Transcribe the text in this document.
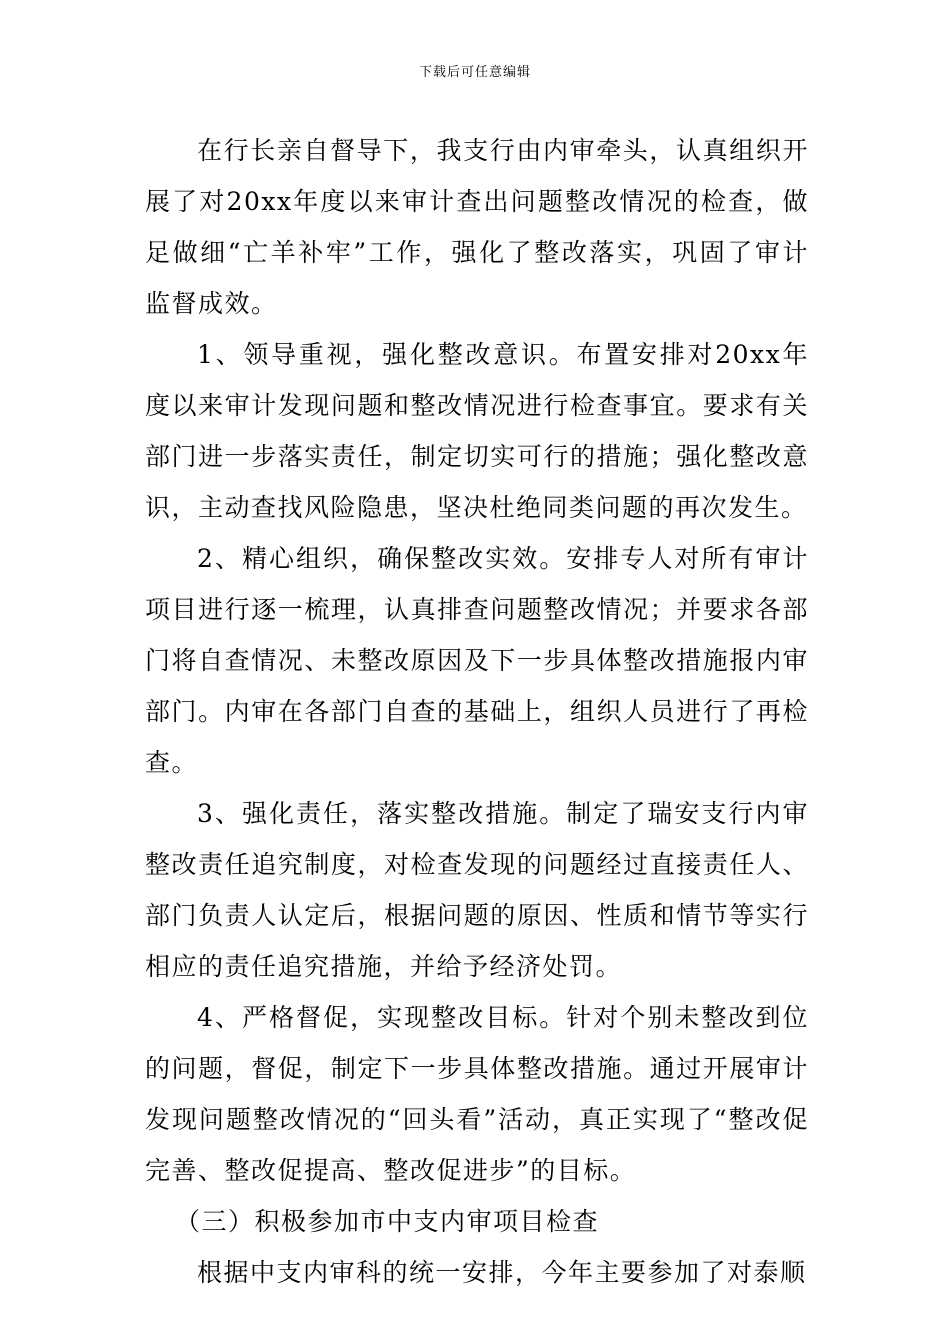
下载后可任意编辑

在行长亲自督导下，我支行由内审牵头，认真组织开展了对20xx年度以来审计查出问题整改情况的检查，做足做细“亡羊补牢”工作，强化了整改落实，巩固了审计监督成效。

1、领导重视，强化整改意识。布置安排对20xx年度以来审计发现问题和整改情况进行检查事宜。要求有关部门进一步落实责任，制定切实可行的措施；强化整改意识，主动查找风险隐患，坚决杜绝同类问题的再次发生。

2、精心组织，确保整改实效。安排专人对所有审计项目进行逐一梳理，认真排查问题整改情况；并要求各部门将自查情况、未整改原因及下一步具体整改措施报内审部门。内审在各部门自查的基础上，组织人员进行了再检查。

3、强化责任，落实整改措施。制定了瑞安支行内审整改责任追究制度，对检查发现的问题经过直接责任人、部门负责人认定后，根据问题的原因、性质和情节等实行相应的责任追究措施，并给予经济处罚。

4、严格督促，实现整改目标。针对个别未整改到位的问题，督促，制定下一步具体整改措施。通过开展审计发现问题整改情况的“回头看”活动，真正实现了“整改促完善、整改促提高、整改促进步”的目标。

（三）积极参加市中支内审项目检查

根据中支内审科的统一安排，今年主要参加了对泰顺
